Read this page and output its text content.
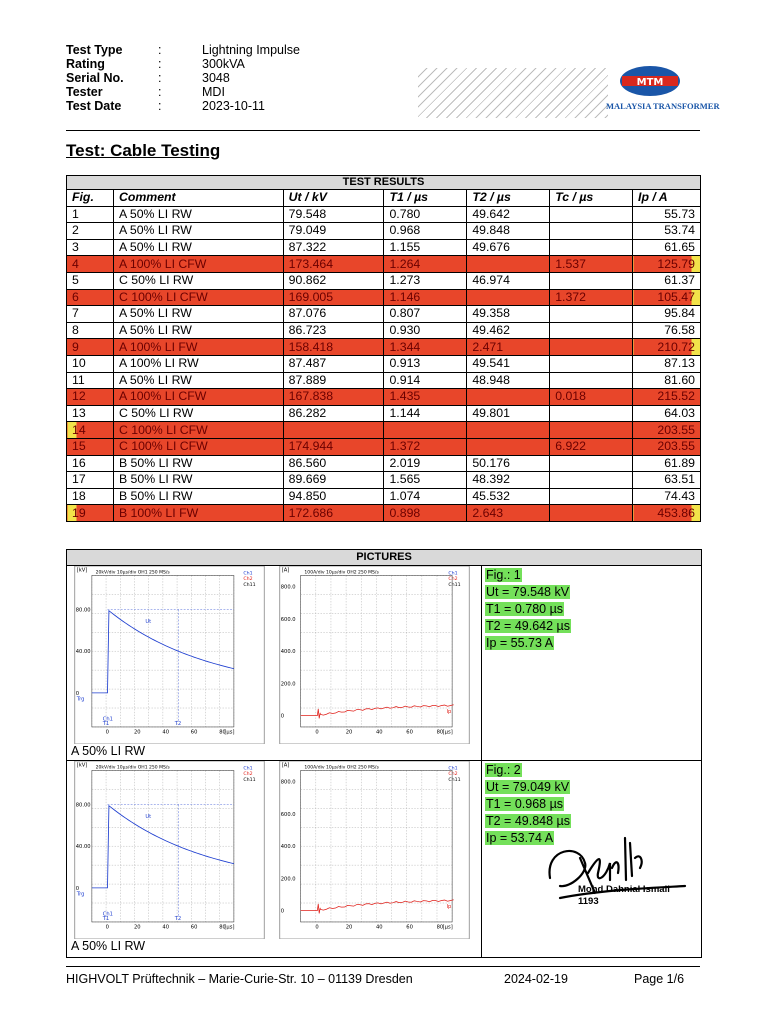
Test Type	:	Lightning Impulse
Rating	:	300kVA
Serial No.	:	3048
Tester	:	MDI
Test Date	:	2023-10-11
MTM
MALAYSIA TRANSFORMER
Test: Cable Testing
TEST RESULTS						
Fig.	Comment	Ut / kV	T1 / µs	T2 / µs	Tc / µs	Ip / A
1	A 50% LI RW	79.548	0.780	49.642		55.73
2	A 50% LI RW	79.049	0.968	49.848		53.74
3	A 50% LI RW	87.322	1.155	49.676		61.65
4	A 100% LI CFW	173.464	1.264		1.537	125.79
5	C 50% LI RW	90.862	1.273	46.974		61.37
6	C 100% LI CFW	169.005	1.146		1.372	105.47
7	A 50% LI RW	87.076	0.807	49.358		95.84
8	A 50% LI RW	86.723	0.930	49.462		76.58
9	A 100% LI FW	158.418	1.344	2.471		210.72
10	A 100% LI RW	87.487	0.913	49.541		87.13
11	A 50% LI RW	87.889	0.914	48.948		81.60
12	A 100% LI CFW	167.838	1.435		0.018	215.52
13	C 50% LI RW	86.282	1.144	49.801		64.03
14	C 100% LI CFW					203.55
15	C 100% LI CFW	174.944	1.372		6.922	203.55
16	B 50% LI RW	86.560	2.019	50.176		61.89
17	B 50% LI RW	89.669	1.565	48.392		63.51
18	B 50% LI RW	94.850	1.074	45.532		74.43
19	B 100% LI FW	172.686	0.898	2.643		453.86
PICTURES
[kV] 20kV/div 10µs/div OH1 250 MS/s	Ch1
Ch2
Ch11
80.00
40.00
0
0	20	40	60	80
[µs]
Trg
Ut
T1	T2
Ch1
[A]	100A/div 10µs/div OH2 250 MS/s	Ch1
Ch2
Ch11
800.0
600.0
400.0
200.0
0
0	20	40	60	80 [µs]
Ip
A 50% LI RW
Fig.: 1
Ut = 79.548 kV
T1 = 0.780 µs
T2 = 49.642 µs
Ip = 55.73 A
[kV] 20kV/div 10µs/div OH1 250 MS/s	Ch1
Ch2
Ch11
80.00
40.00
0
0	20	40	60	80
[µs]
Trg
Ut
T1	T2
Ch1
[A]	100A/div 10µs/div OH2 250 MS/s	Ch1
Ch2
Ch11
800.0
600.0
400.0
200.0
0
0	20	40	60	80 [µs]
Ip
A 50% LI RW
Fig.: 2
Ut = 79.049 kV
T1 = 0.968 µs
T2 = 49.848 µs
Ip = 53.74 A
Mohd Dahnial Ismail
1193
HIGHVOLT Prüftechnik – Marie-Curie-Str. 10 – 01139 Dresden	2024-02-19	Page 1/6
